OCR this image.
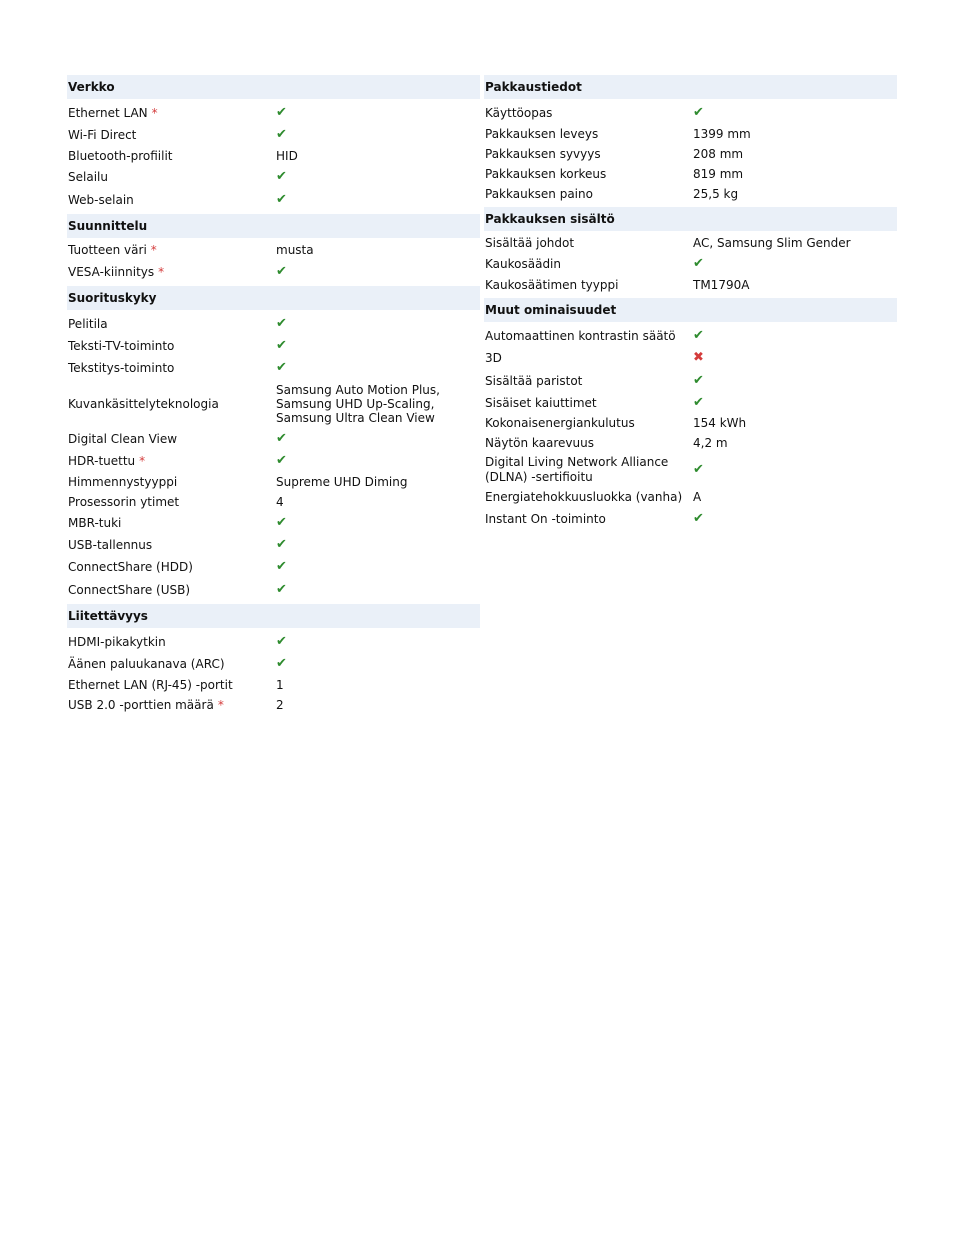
Verkko
Ethernet LAN *	✔
Wi-Fi Direct	✔
Bluetooth-profiilit	HID
Selailu	✔
Web-selain	✔
Suunnittelu
Tuotteen väri *	musta
VESA-kiinnitys *	✔
Suorituskyky
Pelitila	✔
Teksti-TV-toiminto	✔
Tekstitys-toiminto	✔
Kuvankäsittelyteknologia
Samsung Auto Motion Plus, Samsung UHD Up-Scaling, Samsung Ultra Clean View
Digital Clean View	✔
HDR-tuettu *	✔
Himmennystyyppi	Supreme UHD Diming
Prosessorin ytimet	4
MBR-tuki	✔
USB-tallennus	✔
ConnectShare (HDD)	✔
ConnectShare (USB)	✔
Liitettävyys
HDMI-pikakytkin	✔
Äänen paluukanava (ARC)	✔
Ethernet LAN (RJ-45) -portit	1
USB 2.0 -porttien määrä *	2
Pakkaustiedot
Käyttöopas	✔
Pakkauksen leveys	1399 mm
Pakkauksen syvyys	208 mm
Pakkauksen korkeus	819 mm
Pakkauksen paino	25,5 kg
Pakkauksen sisältö
Sisältää johdot	AC, Samsung Slim Gender
Kaukosäädin	✔
Kaukosäätimen tyyppi	TM1790A
Muut ominaisuudet
Automaattinen kontrastin säätö	✔
3D	✖
Sisältää paristot	✔
Sisäiset kaiuttimet	✔
Kokonaisenergiankulutus	154 kWh
Näytön kaarevuus	4,2 m
Digital Living Network Alliance (DLNA) -sertifioitu	✔
Energiatehokkuusluokka (vanha) A
Instant On -toiminto	✔
